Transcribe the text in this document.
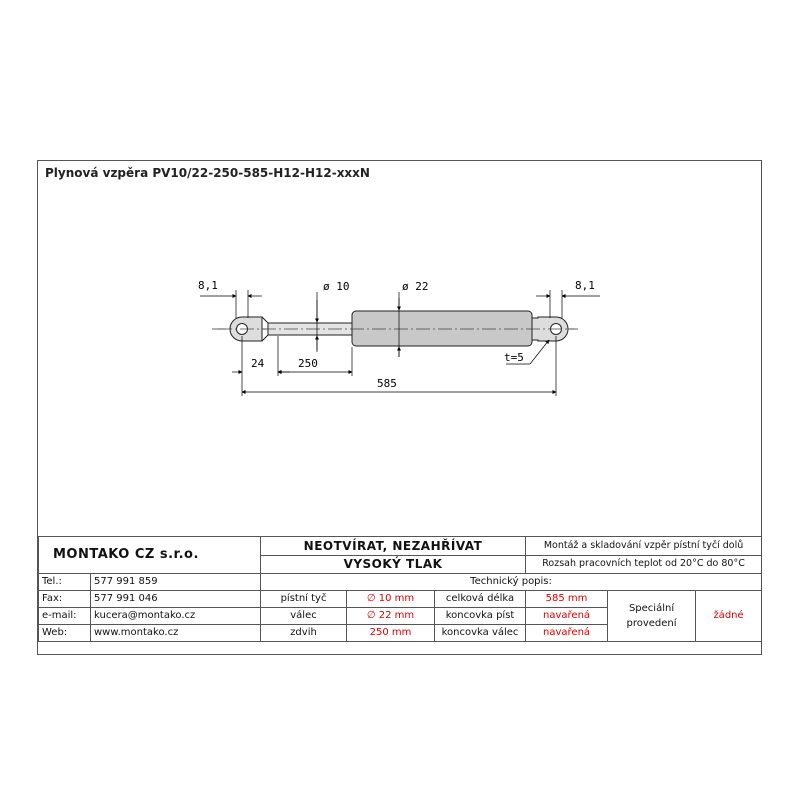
Plynová vzpěra PV10/22-250-585-H12-H12-xxxN
8,1	ø 10	ø 22	8,1
24	250	t=5
585
MONTAKO CZ s.r.o.		NEOTVÍRAT, NEZAHŘÍVAT			Montáž a skladování vzpěr pístní tyčí dolů		
		VYSOKÝ TLAK			Rozsah pracovních teplot od 20°C do 80°C		
Tel.:	577 991 859	Technický popis:					
Fax:	577 991 046	pístní tyč	∅ 10 mm	celková délka	585 mm	Speciální provedení	žádné
e-mail:	kucera@montako.cz	válec	∅ 22 mm	koncovka píst	navařená		
Web:	www.montako.cz	zdvih	250 mm	koncovka válec	navařená		
